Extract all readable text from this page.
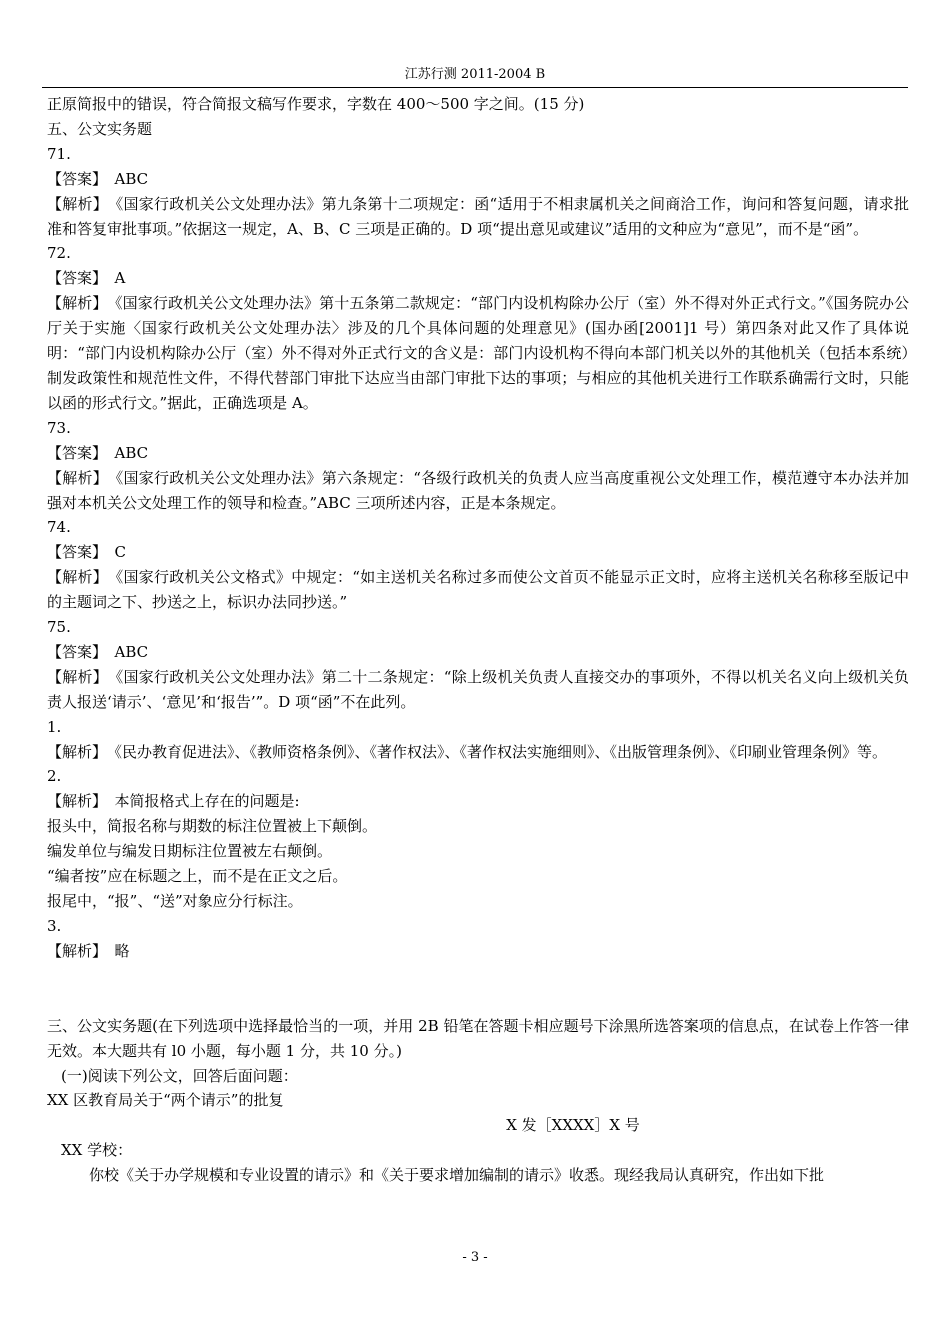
江苏行测 2011-2004 B

正原简报中的错误，符合简报文稿写作要求，字数在 400～500 字之间。(15 分)

五、公文实务题

71.

【答案】　ABC

【解析】　《国家行政机关公文处理办法》第九条第十二项规定：函“适用于不相隶属机关之间商洽工作，询问和答复问题，请求批准和答复审批事项。”依据这一规定，A、B、C 三项是正确的。D 项“提出意见或建议”适用的文种应为“意见”，而不是“函”。

72.

【答案】　A

【解析】　《国家行政机关公文处理办法》第十五条第二款规定：“部门内设机构除办公厅（室）外不得对外正式行文。”《国务院办公厅关于实施〈国家行政机关公文处理办法〉涉及的几个具体问题的处理意见》(国办函[2001]1 号）第四条对此又作了具体说明：“部门内设机构除办公厅（室）外不得对外正式行文的含义是：部门内设机构不得向本部门机关以外的其他机关（包括本系统）制发政策性和规范性文件，不得代替部门审批下达应当由部门审批下达的事项；与相应的其他机关进行工作联系确需行文时，只能以函的形式行文。”据此，正确选项是 A。

73.

【答案】　ABC

【解析】　《国家行政机关公文处理办法》第六条规定：“各级行政机关的负责人应当高度重视公文处理工作，模范遵守本办法并加强对本机关公文处理工作的领导和检查。”ABC 三项所述内容，正是本条规定。

74.

【答案】　C

【解析】　《国家行政机关公文格式》中规定：“如主送机关名称过多而使公文首页不能显示正文时，应将主送机关名称移至版记中的主题词之下、抄送之上，标识办法同抄送。”

75.

【答案】　ABC

【解析】　《国家行政机关公文处理办法》第二十二条规定：“除上级机关负责人直接交办的事项外，不得以机关名义向上级机关负责人报送‘请示’、‘意见’和‘报告’”。D 项“函”不在此列。

1.

【解析】　《民办教育促进法》、《教师资格条例》、《著作权法》、《著作权法实施细则》、《出版管理条例》、《印刷业管理条例》等。

2.

【解析】　本简报格式上存在的问题是:

报头中，简报名称与期数的标注位置被上下颠倒。

编发单位与编发日期标注位置被左右颠倒。

“编者按”应在标题之上，而不是在正文之后。

报尾中，“报”、“送”对象应分行标注。

3.

【解析】　略

三、公文实务题(在下列选项中选择最恰当的一项，并用 2B 铅笔在答题卡相应题号下涂黑所选答案项的信息点，在试卷上作答一律无效。本大题共有 l0 小题，每小题 1 分，共 10 分。)

(一)阅读下列公文，回答后面问题：

XX 区教育局关于“两个请示”的批复

X 发［XXXX］X 号

XX 学校：

你校《关于办学规模和专业设置的请示》和《关于要求增加编制的请示》收悉。现经我局认真研究，作出如下批

- 3 -
